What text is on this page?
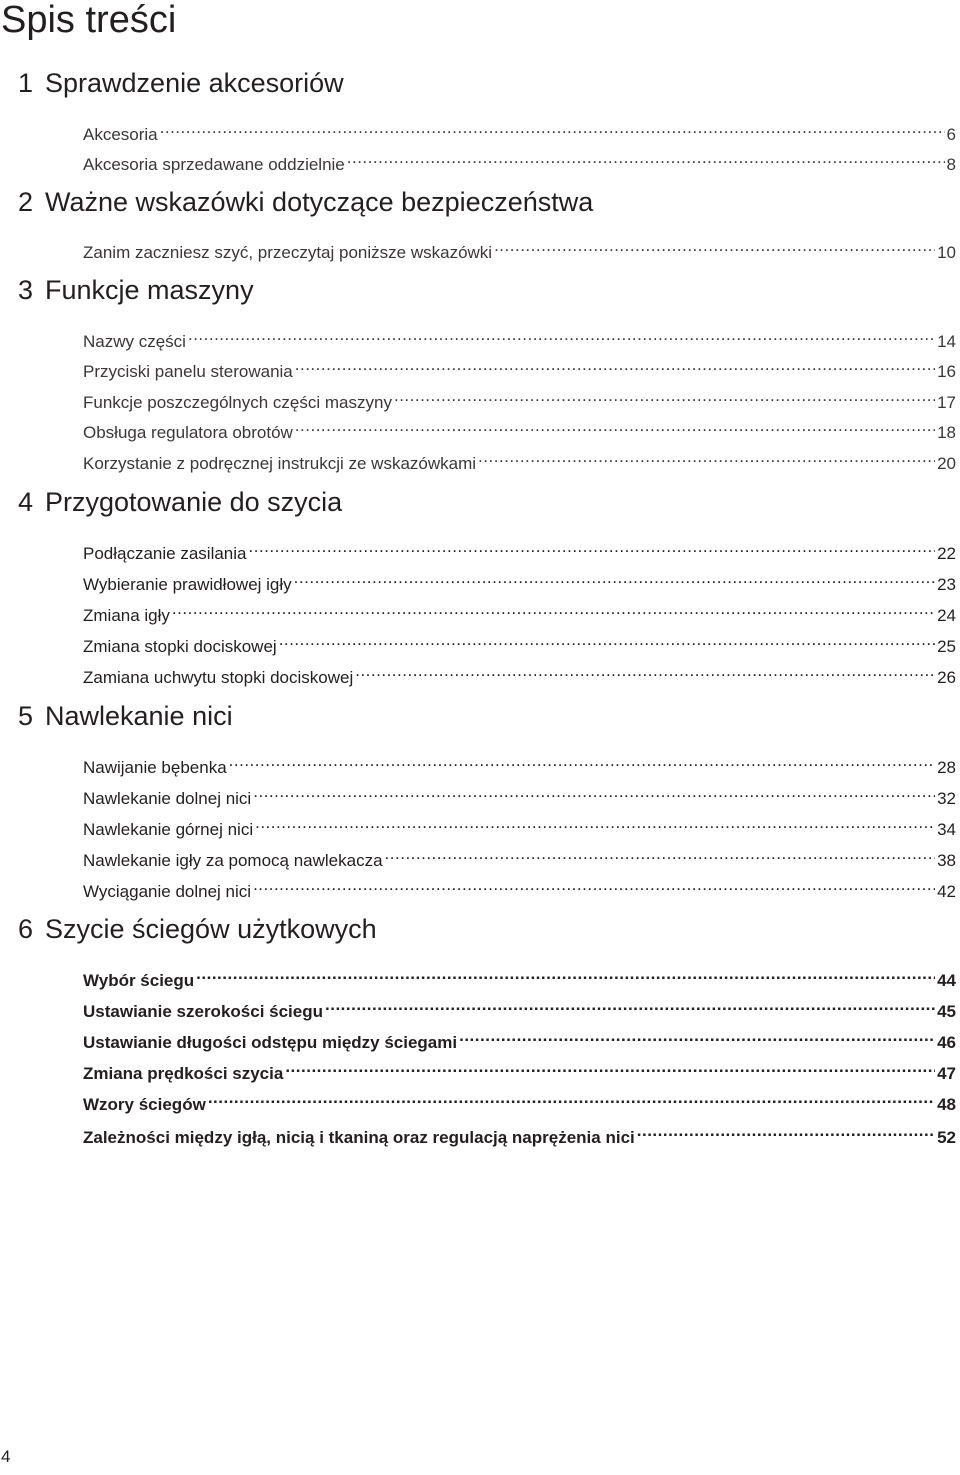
Spis treści
1 Sprawdzenie akcesoriów
Akcesoria .....	6
Akcesoria sprzedawane oddzielnie .....	8
2 Ważne wskazówki dotyczące bezpieczeństwa
Zanim zaczniesz szyć, przeczytaj poniższe wskazówki .....	10
3 Funkcje maszyny
Nazwy części .....	14
Przyciski panelu sterowania .....	16
Funkcje poszczególnych części maszyny .....	17
Obsługa regulatora obrotów .....	18
Korzystanie z podręcznej instrukcji ze wskazówkami .....	20
4 Przygotowanie do szycia
Podłączanie zasilania .....	22
Wybieranie prawidłowej igły .....	23
Zmiana igły .....	24
Zmiana stopki dociskowej .....	25
Zamiana uchwytu stopki dociskowej .....	26
5 Nawlekanie nici
Nawijanie bębenka .....	28
Nawlekanie dolnej nici .....	32
Nawlekanie górnej nici .....	34
Nawlekanie igły za pomocą nawlekacza .....	38
Wyciąganie dolnej nici .....	42
6 Szycie ściegów użytkowych
Wybór ściegu .....	44
Ustawianie szerokości ściegu .....	45
Ustawianie długości odstępu między ściegami .....	46
Zmiana prędkości szycia .....	47
Wzory ściegów .....	48
Zależności między igłą, nicią i tkaniną oraz regulacją naprężenia nici .....	52
4
